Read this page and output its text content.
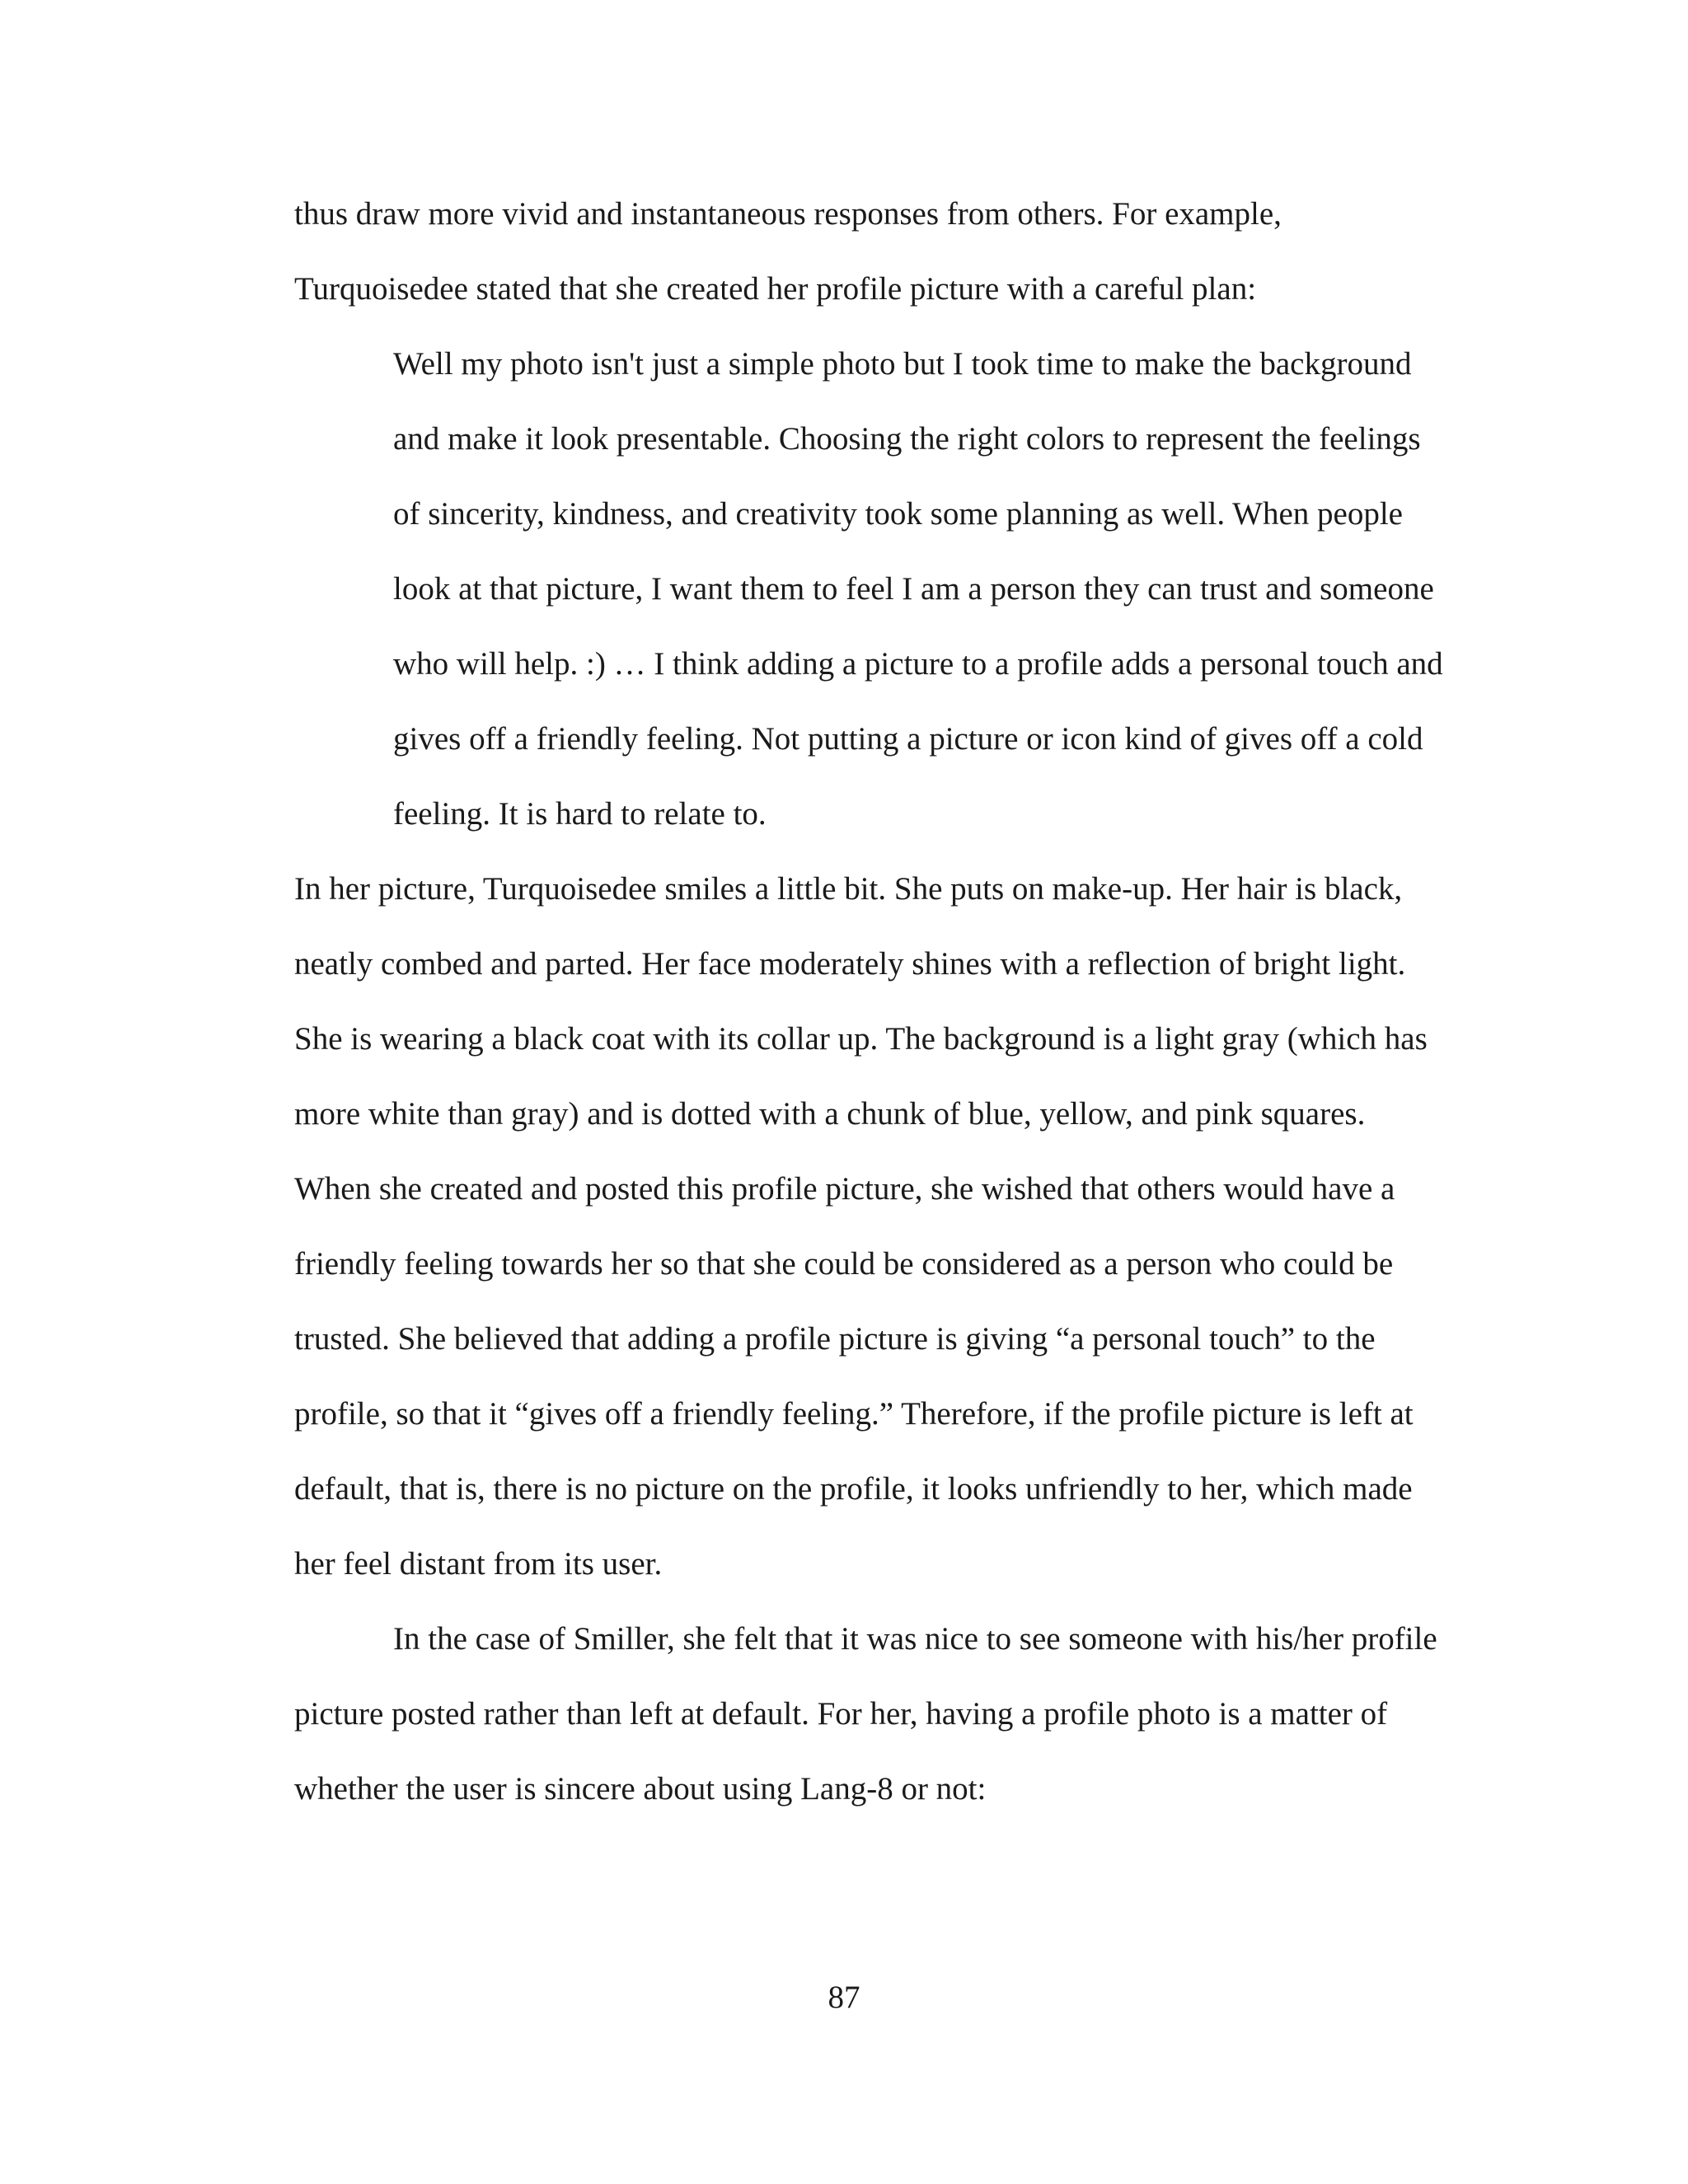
thus draw more vivid and instantaneous responses from others. For example,

Turquoisedee stated that she created her profile picture with a careful plan:

Well my photo isn't just a simple photo but I took time to make the background

and make it look presentable. Choosing the right colors to represent the feelings

of sincerity, kindness, and creativity took some planning as well. When people

look at that picture, I want them to feel I am a person they can trust and someone

who will help. :) … I think adding a picture to a profile adds a personal touch and

gives off a friendly feeling. Not putting a picture or icon kind of gives off a cold

feeling. It is hard to relate to.

In her picture, Turquoisedee smiles a little bit. She puts on make-up. Her hair is black,

neatly combed and parted. Her face moderately shines with a reflection of bright light.

She is wearing a black coat with its collar up. The background is a light gray (which has

more white than gray) and is dotted with a chunk of blue, yellow, and pink squares.

When she created and posted this profile picture, she wished that others would have a

friendly feeling towards her so that she could be considered as a person who could be

trusted. She believed that adding a profile picture is giving “a personal touch” to the

profile, so that it “gives off a friendly feeling.” Therefore, if the profile picture is left at

default, that is, there is no picture on the profile, it looks unfriendly to her, which made

her feel distant from its user.

In the case of Smiller, she felt that it was nice to see someone with his/her profile

picture posted rather than left at default. For her, having a profile photo is a matter of

whether the user is sincere about using Lang-8 or not:

87
